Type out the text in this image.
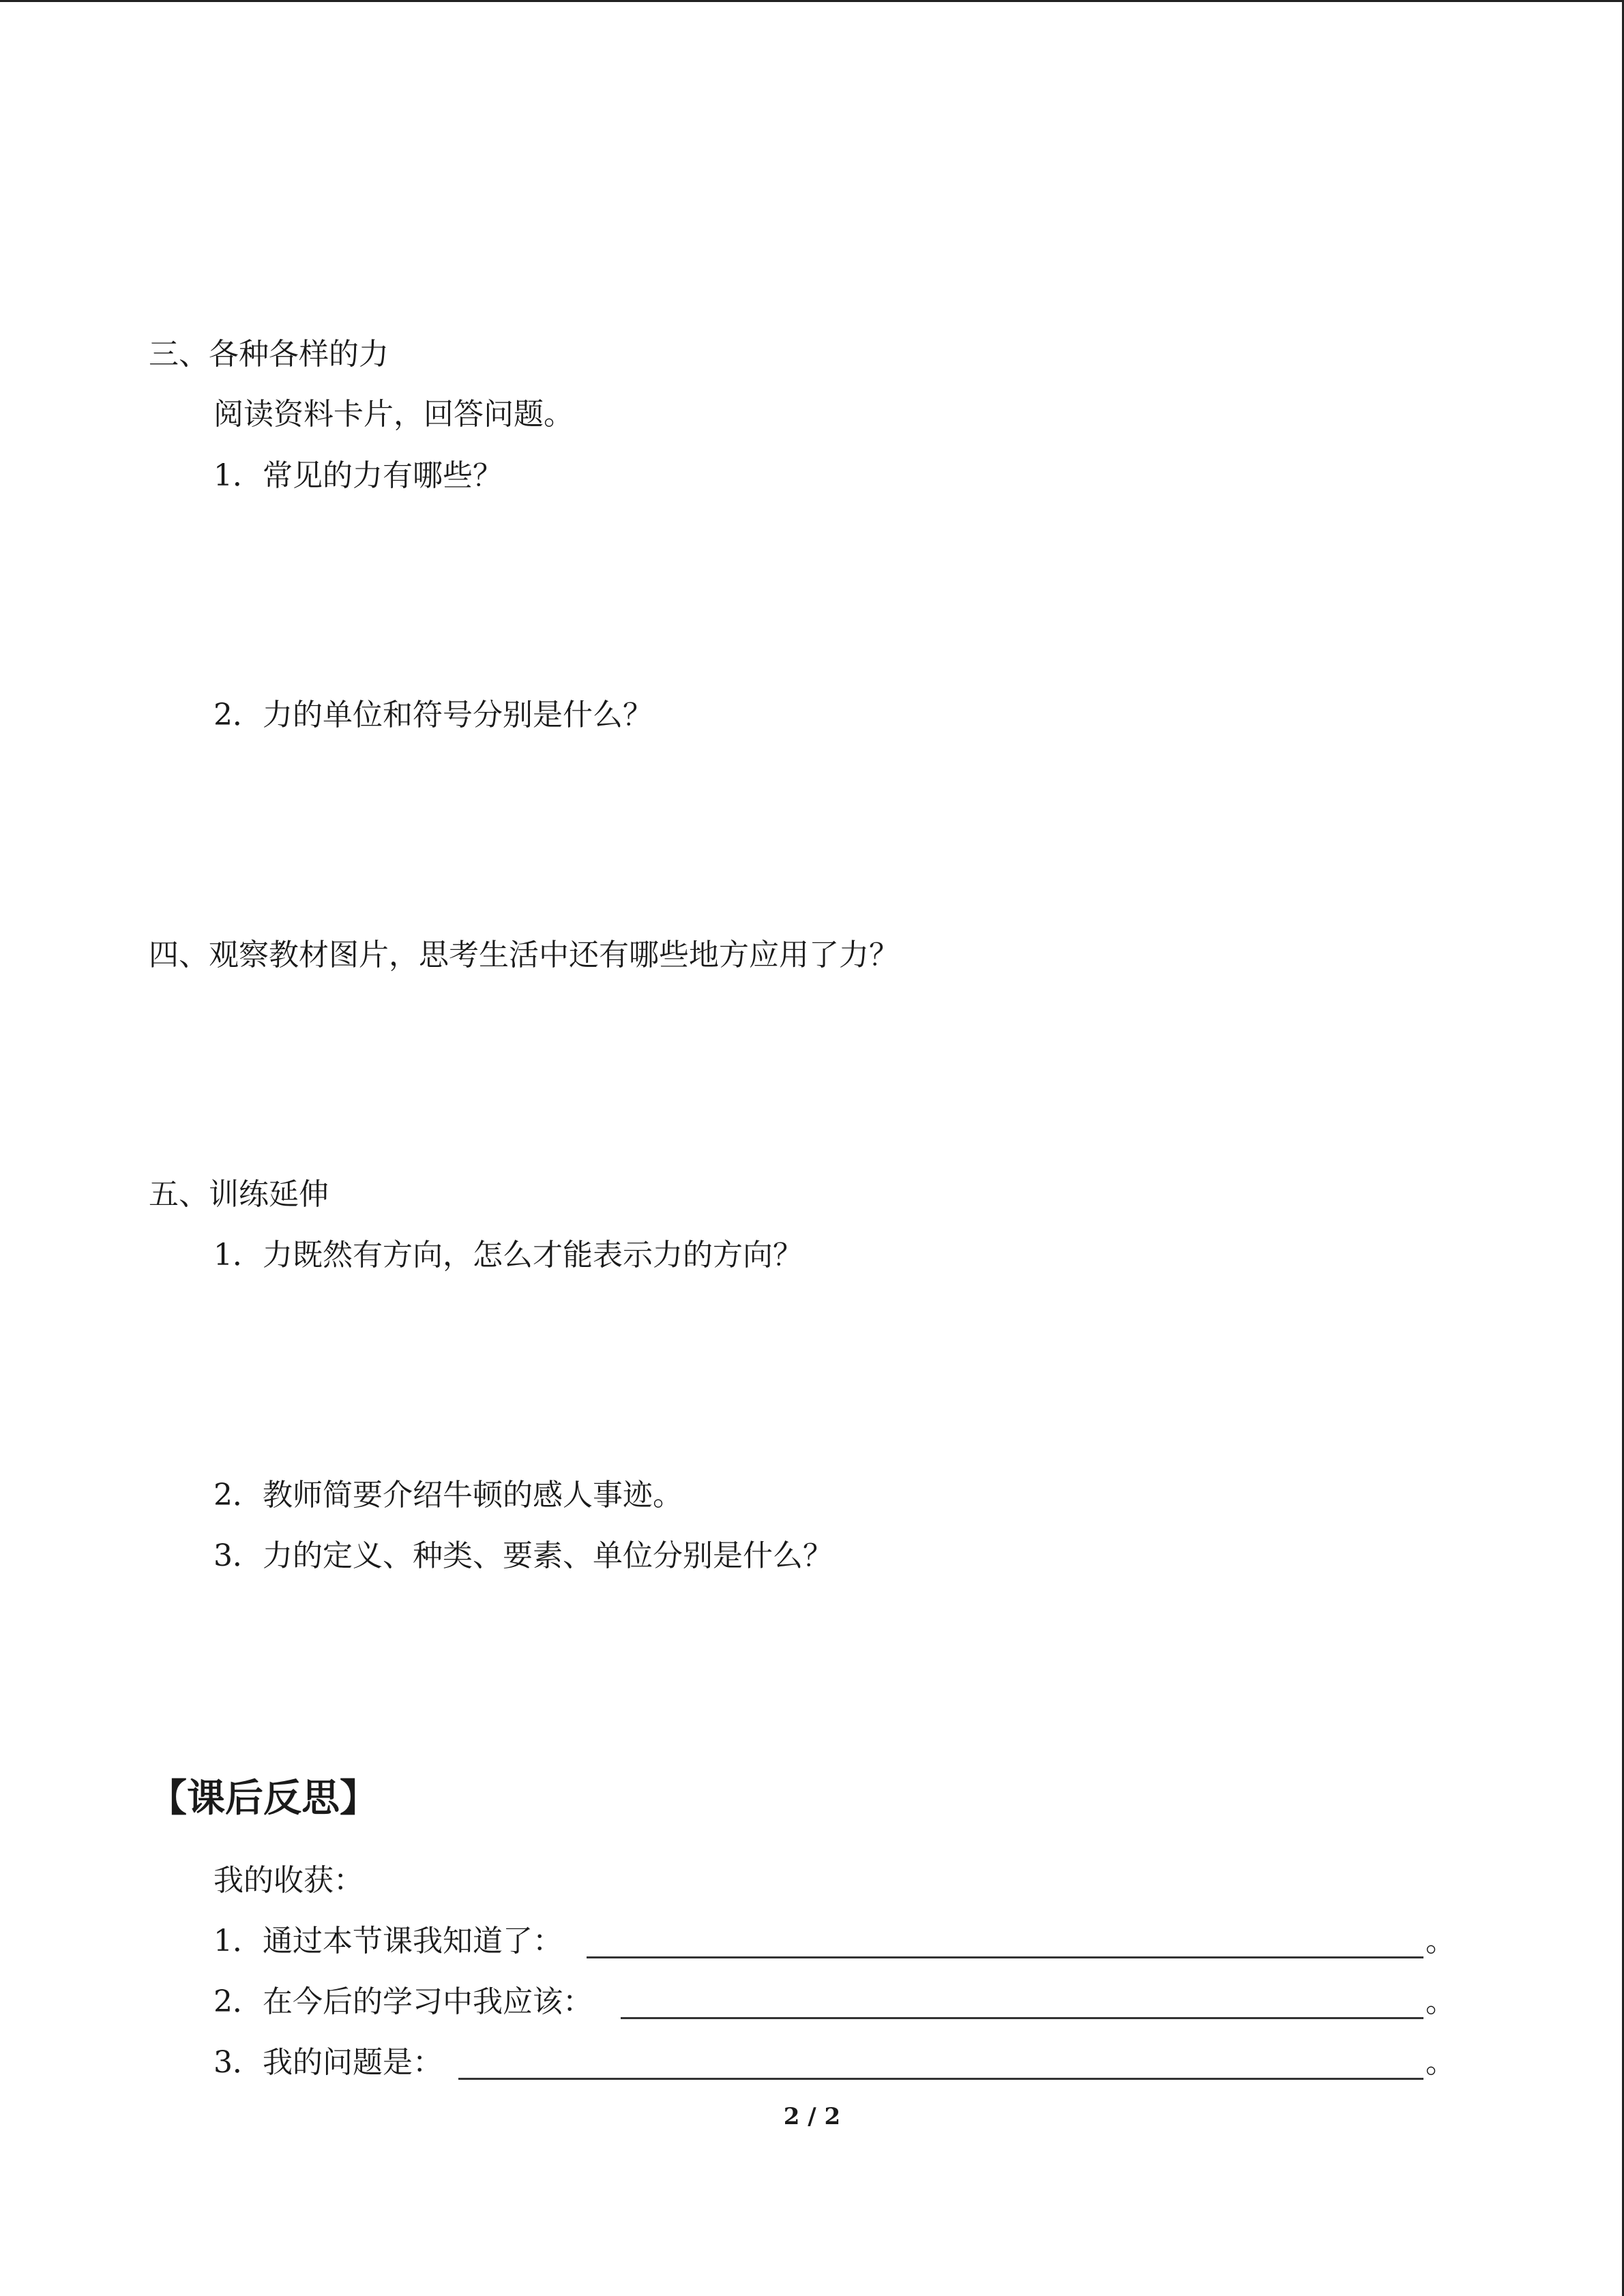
三、各种各样的力
阅读资料卡片，回答问题。
1．常见的力有哪些？
2．力的单位和符号分别是什么？
四、观察教材图片，思考生活中还有哪些地方应用了力？
五、训练延伸
1．力既然有方向，怎么才能表示力的方向？
2．教师简要介绍牛顿的感人事迹。
3．力的定义、种类、要素、单位分别是什么？
【课后反思】
我的收获：
1．通过本节课我知道了：	。
2．在今后的学习中我应该：	。
3．我的问题是：	。
2 / 2
